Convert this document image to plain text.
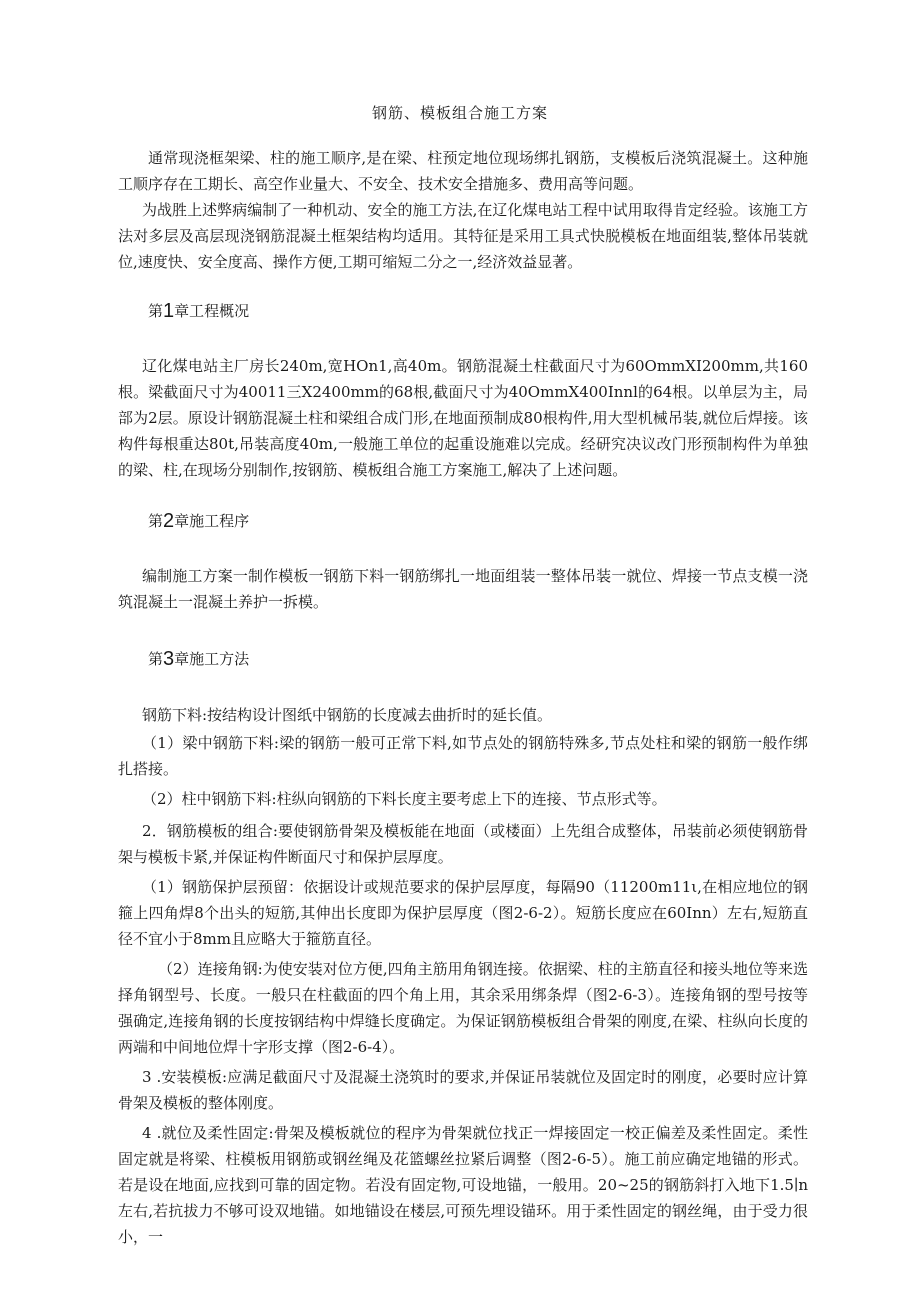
钢筋、模板组合施工方案

通常现浇框架梁、柱的施工顺序,是在梁、柱预定地位现场绑扎钢筋，支模板后浇筑混凝土。这种施工顺序存在工期长、高空作业量大、不安全、技术安全措施多、费用高等问题。

为战胜上述弊病编制了一种机动、安全的施工方法,在辽化煤电站工程中试用取得肯定经验。该施工方法对多层及高层现浇钢筋混凝土框架结构均适用。其特征是采用工具式快脱模板在地面组装,整体吊装就位,速度快、安全度高、操作方便,工期可缩短二分之一,经济效益显著。

第1章工程概况

辽化煤电站主厂房长240m,宽HOn1,高40m。钢筋混凝土柱截面尺寸为60OmmXI200mm,共160根。梁截面尺寸为40011三X2400mm的68根,截面尺寸为40OmmX400Innl的64根。以单层为主，局部为2层。原设计钢筋混凝土柱和梁组合成门形,在地面预制成80根构件,用大型机械吊装,就位后焊接。该构件每根重达80t,吊装高度40m,一般施工单位的起重设施难以完成。经研究决议改门形预制构件为单独的梁、柱,在现场分别制作,按钢筋、模板组合施工方案施工,解决了上述问题。

第2章施工程序

编制施工方案一制作模板一钢筋下料一钢筋绑扎一地面组装一整体吊装一就位、焊接一节点支模一浇筑混凝土一混凝土养护一拆模。

第3章施工方法

钢筋下料:按结构设计图纸中钢筋的长度减去曲折时的延长值。

（1）梁中钢筋下料:梁的钢筋一般可正常下料,如节点处的钢筋特殊多,节点处柱和梁的钢筋一般作绑扎搭接。

（2）柱中钢筋下料:柱纵向钢筋的下料长度主要考虑上下的连接、节点形式等。

2．钢筋模板的组合:要使钢筋骨架及模板能在地面（或楼面）上先组合成整体，吊装前必须使钢筋骨架与模板卡紧,并保证构件断面尺寸和保护层厚度。

（1）钢筋保护层预留：依据设计或规范要求的保护层厚度，每隔90（11200m11ι,在相应地位的钢箍上四角焊8个出头的短筋,其伸出长度即为保护层厚度（图2-6-2）。短筋长度应在60Inn）左右,短筋直径不宜小于8mm且应略大于箍筋直径。

（2）连接角钢:为使安装对位方便,四角主筋用角钢连接。依据梁、柱的主筋直径和接头地位等来选择角钢型号、长度。一般只在柱截面的四个角上用，其余采用绑条焊（图2-6-3）。连接角钢的型号按等强确定,连接角钢的长度按钢结构中焊缝长度确定。为保证钢筋模板组合骨架的刚度,在梁、柱纵向长度的两端和中间地位焊十字形支撑（图2-6-4）。

3 .安装模板:应满足截面尺寸及混凝土浇筑时的要求,并保证吊装就位及固定时的刚度，必要时应计算骨架及模板的整体刚度。

4 .就位及柔性固定:骨架及模板就位的程序为骨架就位找正一焊接固定一校正偏差及柔性固定。柔性固定就是将梁、柱模板用钢筋或钢丝绳及花篮螺丝拉紧后调整（图2-6-5）。施工前应确定地锚的形式。若是设在地面,应找到可靠的固定物。若没有固定物,可设地锚，一般用。20~25的钢筋斜打入地下1.5∣n左右,若抗拔力不够可设双地锚。如地锚设在楼层,可预先埋设锚环。用于柔性固定的钢丝绳，由于受力很小，一
